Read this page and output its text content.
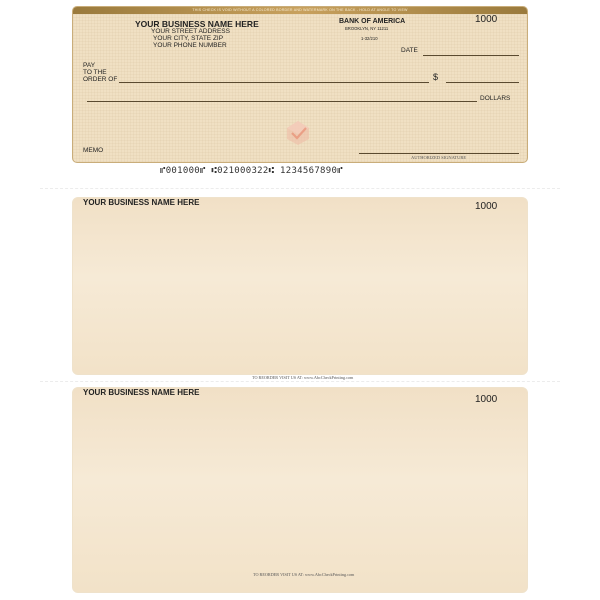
THIS CHECK IS VOID WITHOUT A COLORED BORDER AND WATERMARK ON THE BACK - HOLD AT ANGLE TO VIEW
YOUR BUSINESS NAME HERE
YOUR STREET ADDRESS
YOUR CITY, STATE ZIP
YOUR PHONE NUMBER
BANK OF AMERICA
BROOKLYN, NY 11211
1-32/210
1000
DATE
PAY
TO THE
ORDER OF	$
DOLLARS
MEMO
AUTHORIZED SIGNATURE
⑈001000⑈ ⑆021000322⑆ 1234567890⑈
YOUR BUSINESS NAME HERE	1000
TO REORDER VISIT US AT: www.AbcCheckPrinting.com
YOUR BUSINESS NAME HERE
1000
TO REORDER VISIT US AT: www.AbcCheckPrinting.com
